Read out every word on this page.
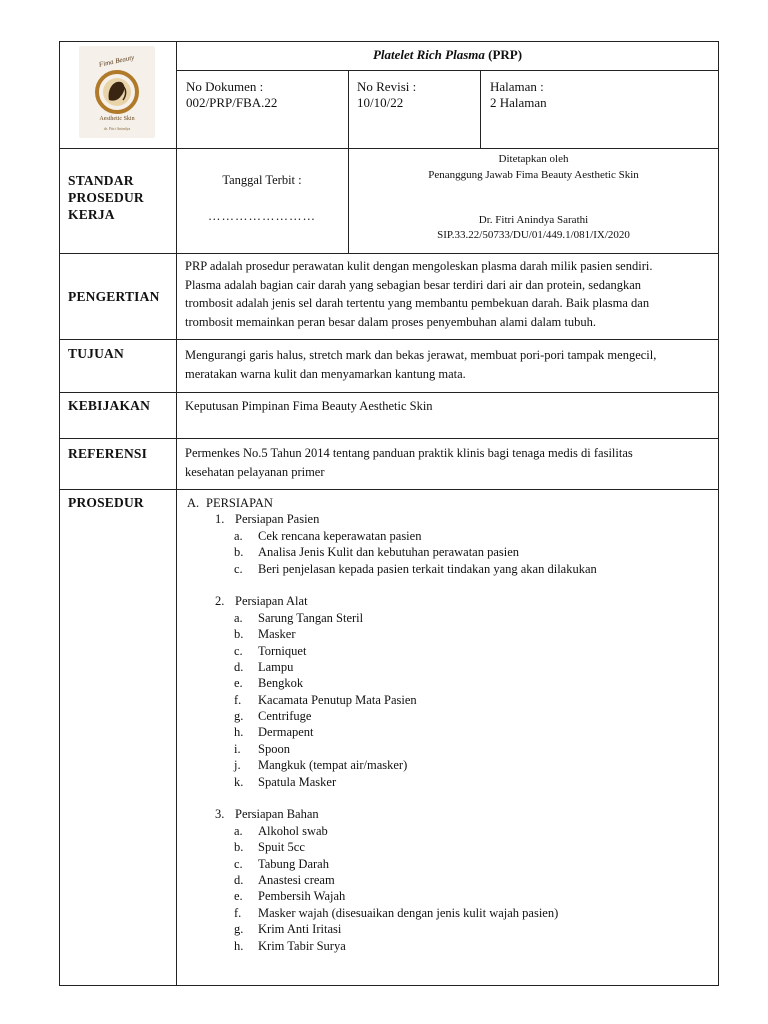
Fima Beauty
Aesthetic Skin
dr. Fitri Anindya
Platelet Rich Plasma (PRP)
No Dokumen :
002/PRP/FBA.22
No Revisi :
10/10/22
Halaman :
2 Halaman
STANDAR
PROSEDUR
KERJA
Tanggal Terbit :
……………………
Ditetapkan oleh
Penanggung Jawab Fima Beauty Aesthetic Skin
Dr. Fitri Anindya Sarathi
SIP.33.22/50733/DU/01/449.1/081/IX/2020
PENGERTIAN
PRP adalah prosedur perawatan kulit dengan mengoleskan plasma darah milik pasien sendiri.
Plasma adalah bagian cair darah yang sebagian besar terdiri dari air dan protein, sedangkan
trombosit adalah jenis sel darah tertentu yang membantu pembekuan darah. Baik plasma dan
trombosit memainkan peran besar dalam proses penyembuhan alami dalam tubuh.
TUJUAN	Mengurangi garis halus, stretch mark dan bekas jerawat, membuat pori-pori tampak mengecil,
meratakan warna kulit dan menyamarkan kantung mata.
KEBIJAKAN	Keputusan Pimpinan Fima Beauty Aesthetic Skin
REFERENSI	Permenkes No.5 Tahun 2014 tentang panduan praktik klinis bagi tenaga medis di fasilitas
kesehatan pelayanan primer
PROSEDUR	A. PERSIAPAN
1. Persiapan Pasien
a. Cek rencana keperawatan pasien
b. Analisa Jenis Kulit dan kebutuhan perawatan pasien
c. Beri penjelasan kepada pasien terkait tindakan yang akan dilakukan
2. Persiapan Alat
a. Sarung Tangan Steril
b. Masker
c. Torniquet
d. Lampu
e. Bengkok
f. Kacamata Penutup Mata Pasien
g. Centrifuge
h. Dermapent
i. Spoon
j. Mangkuk (tempat air/masker)
k. Spatula Masker
3. Persiapan Bahan
a. Alkohol swab
b. Spuit 5cc
c. Tabung Darah
d. Anastesi cream
e. Pembersih Wajah
f. Masker wajah (disesuaikan dengan jenis kulit wajah pasien)
g. Krim Anti Iritasi
h. Krim Tabir Surya
